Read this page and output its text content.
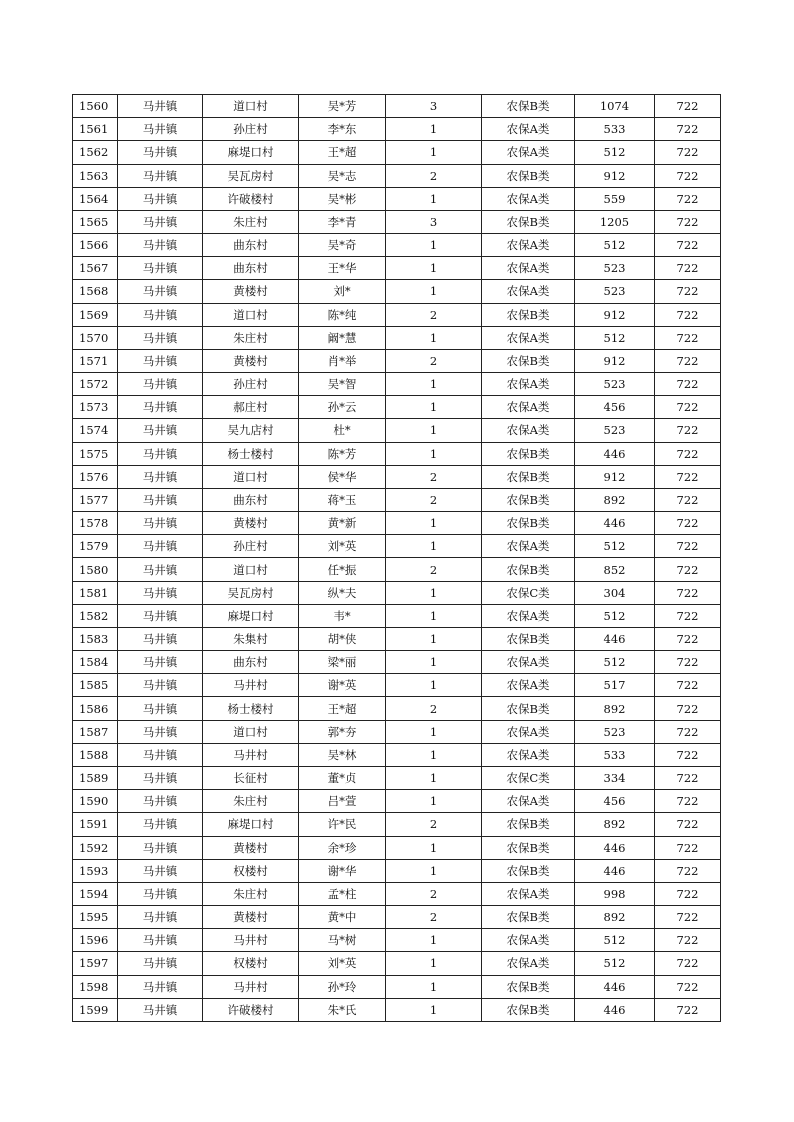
1560	马井镇	道口村	吴*芳	3	农保B类	1074	722
1561	马井镇	孙庄村	李*东	1	农保A类	533	722
1562	马井镇	麻堤口村	王*超	1	农保A类	512	722
1563	马井镇	吴瓦房村	吴*志	2	农保B类	912	722
1564	马井镇	许破楼村	吴*彬	1	农保A类	559	722
1565	马井镇	朱庄村	李*青	3	农保B类	1205	722
1566	马井镇	曲东村	吴*奇	1	农保A类	512	722
1567	马井镇	曲东村	王*华	1	农保A类	523	722
1568	马井镇	黄楼村	刘*	1	农保A类	523	722
1569	马井镇	道口村	陈*纯	2	农保B类	912	722
1570	马井镇	朱庄村	阚*慧	1	农保A类	512	722
1571	马井镇	黄楼村	肖*举	2	农保B类	912	722
1572	马井镇	孙庄村	吴*智	1	农保A类	523	722
1573	马井镇	郝庄村	孙*云	1	农保A类	456	722
1574	马井镇	吴九店村	杜*	1	农保A类	523	722
1575	马井镇	杨士楼村	陈*芳	1	农保B类	446	722
1576	马井镇	道口村	侯*华	2	农保B类	912	722
1577	马井镇	曲东村	蒋*玉	2	农保B类	892	722
1578	马井镇	黄楼村	黄*新	1	农保B类	446	722
1579	马井镇	孙庄村	刘*英	1	农保A类	512	722
1580	马井镇	道口村	任*振	2	农保B类	852	722
1581	马井镇	吴瓦房村	纵*夫	1	农保C类	304	722
1582	马井镇	麻堤口村	韦*	1	农保A类	512	722
1583	马井镇	朱集村	胡*侠	1	农保B类	446	722
1584	马井镇	曲东村	梁*丽	1	农保A类	512	722
1585	马井镇	马井村	谢*英	1	农保A类	517	722
1586	马井镇	杨士楼村	王*超	2	农保B类	892	722
1587	马井镇	道口村	郭*夯	1	农保A类	523	722
1588	马井镇	马井村	吴*林	1	农保A类	533	722
1589	马井镇	长征村	董*贞	1	农保C类	334	722
1590	马井镇	朱庄村	吕*萱	1	农保A类	456	722
1591	马井镇	麻堤口村	许*民	2	农保B类	892	722
1592	马井镇	黄楼村	余*珍	1	农保B类	446	722
1593	马井镇	权楼村	谢*华	1	农保B类	446	722
1594	马井镇	朱庄村	孟*柱	2	农保A类	998	722
1595	马井镇	黄楼村	黄*中	2	农保B类	892	722
1596	马井镇	马井村	马*树	1	农保A类	512	722
1597	马井镇	权楼村	刘*英	1	农保A类	512	722
1598	马井镇	马井村	孙*玲	1	农保B类	446	722
1599	马井镇	许破楼村	朱*氏	1	农保B类	446	722
